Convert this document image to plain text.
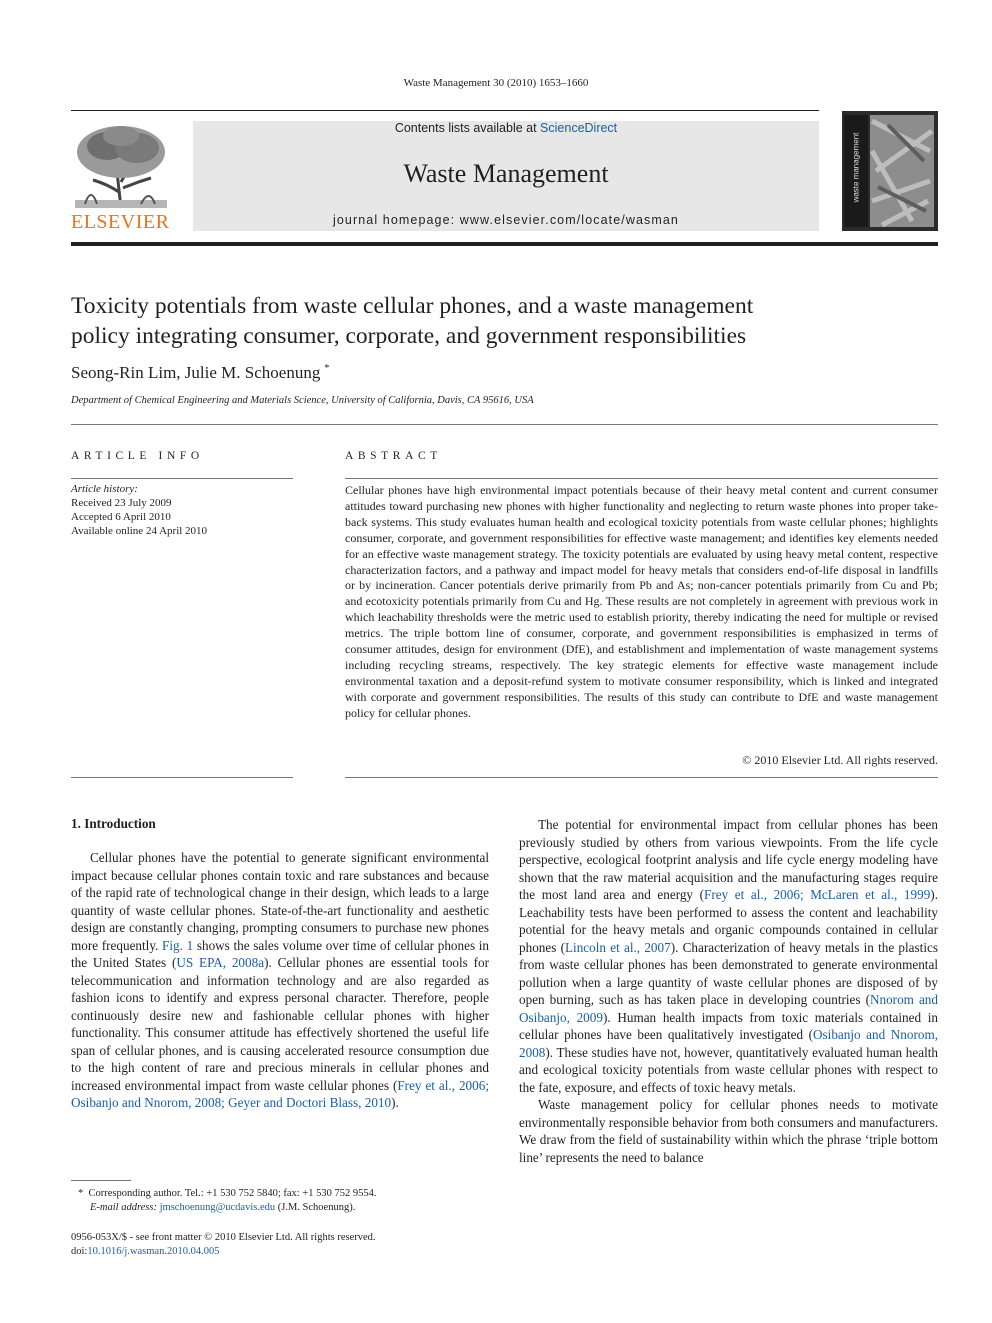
Waste Management 30 (2010) 1653–1660
ELSEVIER
Contents lists available at ScienceDirect
Waste Management
journal homepage: www.elsevier.com/locate/wasman
waste management
Toxicity potentials from waste cellular phones, and a waste management
policy integrating consumer, corporate, and government responsibilities
Seong-Rin Lim, Julie M. Schoenung *
Department of Chemical Engineering and Materials Science, University of California, Davis, CA 95616, USA
ARTICLE INFO
Article history:
Received 23 July 2009
Accepted 6 April 2010
Available online 24 April 2010
ABSTRACT
Cellular phones have high environmental impact potentials because of their heavy metal content and current consumer attitudes toward purchasing new phones with higher functionality and neglecting to return waste phones into proper take-back systems. This study evaluates human health and ecological toxicity potentials from waste cellular phones; highlights consumer, corporate, and government responsibilities for effective waste management; and identifies key elements needed for an effective waste management strategy. The toxicity potentials are evaluated by using heavy metal content, respective characterization factors, and a pathway and impact model for heavy metals that considers end-of-life disposal in landfills or by incineration. Cancer potentials derive primarily from Pb and As; non-cancer potentials primarily from Cu and Pb; and ecotoxicity potentials primarily from Cu and Hg. These results are not completely in agreement with previous work in which leachability thresholds were the metric used to establish priority, thereby indicating the need for multiple or revised metrics. The triple bottom line of consumer, corporate, and government responsibilities is emphasized in terms of consumer attitudes, design for environment (DfE), and establishment and implementation of waste management systems including recycling streams, respectively. The key strategic elements for effective waste management include environmental taxation and a deposit-refund system to motivate consumer responsibility, which is linked and integrated with corporate and government responsibilities. The results of this study can contribute to DfE and waste management policy for cellular phones.
© 2010 Elsevier Ltd. All rights reserved.
1. Introduction

Cellular phones have the potential to generate significant environmental impact because cellular phones contain toxic and rare substances and because of the rapid rate of technological change in their design, which leads to a large quantity of waste cellular phones. State-of-the-art functionality and aesthetic design are constantly changing, prompting consumers to purchase new phones more frequently. Fig. 1 shows the sales volume over time of cellular phones in the United States (US EPA, 2008a). Cellular phones are essential tools for telecommunication and information technology and are also regarded as fashion icons to identify and express personal character. Therefore, people continuously desire new and fashionable cellular phones with higher functionality. This consumer attitude has effectively shortened the useful life span of cellular phones, and is causing accelerated resource consumption due to the high content of rare and precious minerals in cellular phones and increased environmental impact from waste cellular phones (Frey et al., 2006; Osibanjo and Nnorom, 2008; Geyer and Doctori Blass, 2010).

The potential for environmental impact from cellular phones has been previously studied by others from various viewpoints. From the life cycle perspective, ecological footprint analysis and life cycle energy modeling have shown that the raw material acquisition and the manufacturing stages require the most land area and energy (Frey et al., 2006; McLaren et al., 1999). Leachability tests have been performed to assess the content and leachability potential for the heavy metals and organic compounds contained in cellular phones (Lincoln et al., 2007). Characterization of heavy metals in the plastics from waste cellular phones has been demonstrated to generate environmental pollution when a large quantity of waste cellular phones are disposed of by open burning, such as has taken place in developing countries (Nnorom and Osibanjo, 2009). Human health impacts from toxic materials contained in cellular phones have been qualitatively investigated (Osibanjo and Nnorom, 2008). These studies have not, however, quantitatively evaluated human health and ecological toxicity potentials from waste cellular phones with respect to the fate, exposure, and effects of toxic heavy metals.

Waste management policy for cellular phones needs to motivate environmentally responsible behavior from both consumers and manufacturers. We draw from the field of sustainability within which the phrase ‘triple bottom line’ represents the need to balance

* Corresponding author. Tel.: +1 530 752 5840; fax: +1 530 752 9554.
E-mail address: jmschoenung@ucdavis.edu (J.M. Schoenung).
0956-053X/$ - see front matter © 2010 Elsevier Ltd. All rights reserved.
doi:10.1016/j.wasman.2010.04.005
